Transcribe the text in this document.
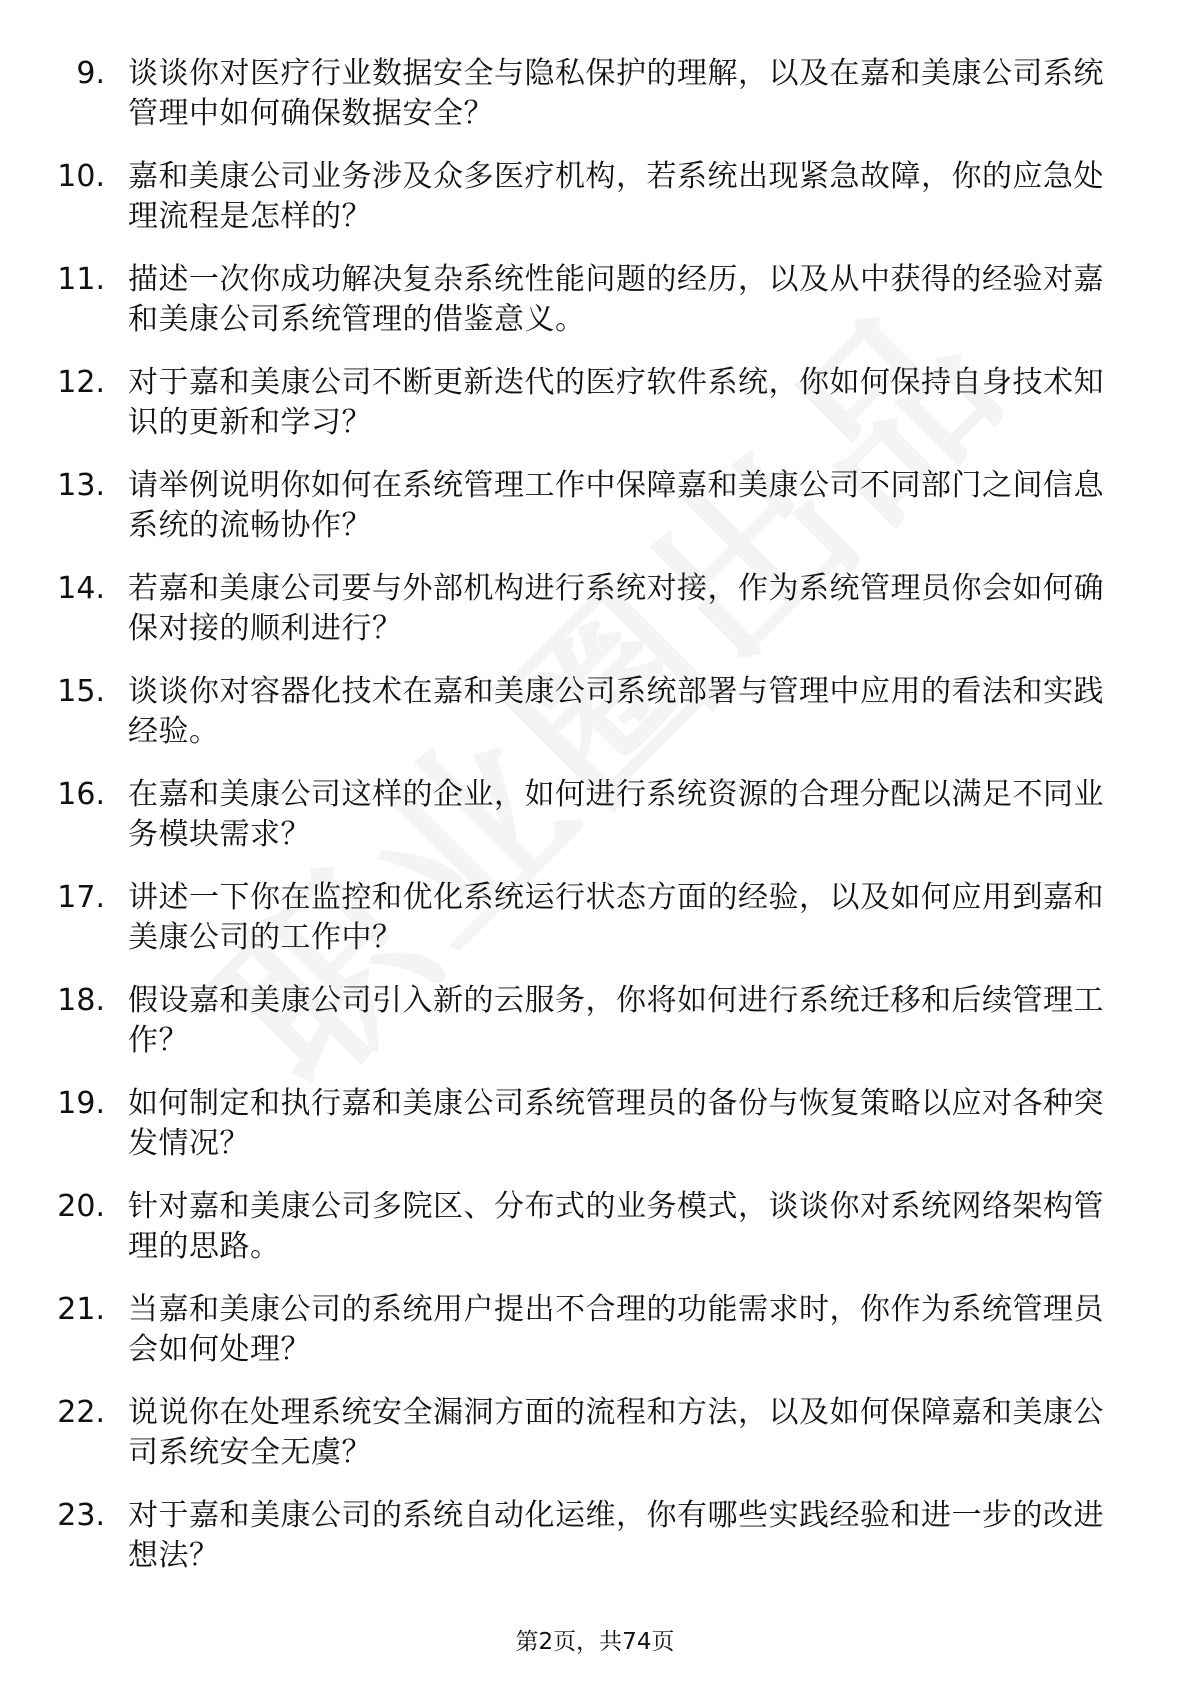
9. 谈谈你对医疗行业数据安全与隐私保护的理解，以及在嘉和美康公司系统管理中如何确保数据安全？
10. 嘉和美康公司业务涉及众多医疗机构，若系统出现紧急故障，你的应急处理流程是怎样的？
11. 描述一次你成功解决复杂系统性能问题的经历，以及从中获得的经验对嘉和美康公司系统管理的借鉴意义。
12. 对于嘉和美康公司不断更新迭代的医疗软件系统，你如何保持自身技术知识的更新和学习？
13. 请举例说明你如何在系统管理工作中保障嘉和美康公司不同部门之间信息系统的流畅协作？
14. 若嘉和美康公司要与外部机构进行系统对接，作为系统管理员你会如何确保对接的顺利进行？
15. 谈谈你对容器化技术在嘉和美康公司系统部署与管理中应用的看法和实践经验。
16. 在嘉和美康公司这样的企业，如何进行系统资源的合理分配以满足不同业务模块需求？
17. 讲述一下你在监控和优化系统运行状态方面的经验，以及如何应用到嘉和美康公司的工作中？
18. 假设嘉和美康公司引入新的云服务，你将如何进行系统迁移和后续管理工作？
19. 如何制定和执行嘉和美康公司系统管理员的备份与恢复策略以应对各种突发情况？
20. 针对嘉和美康公司多院区、分布式的业务模式，谈谈你对系统网络架构管理的思路。
21. 当嘉和美康公司的系统用户提出不合理的功能需求时，你作为系统管理员会如何处理？
22. 说说你在处理系统安全漏洞方面的流程和方法，以及如何保障嘉和美康公司系统安全无虞？
23. 对于嘉和美康公司的系统自动化运维，你有哪些实践经验和进一步的改进想法？
第2页，共74页
